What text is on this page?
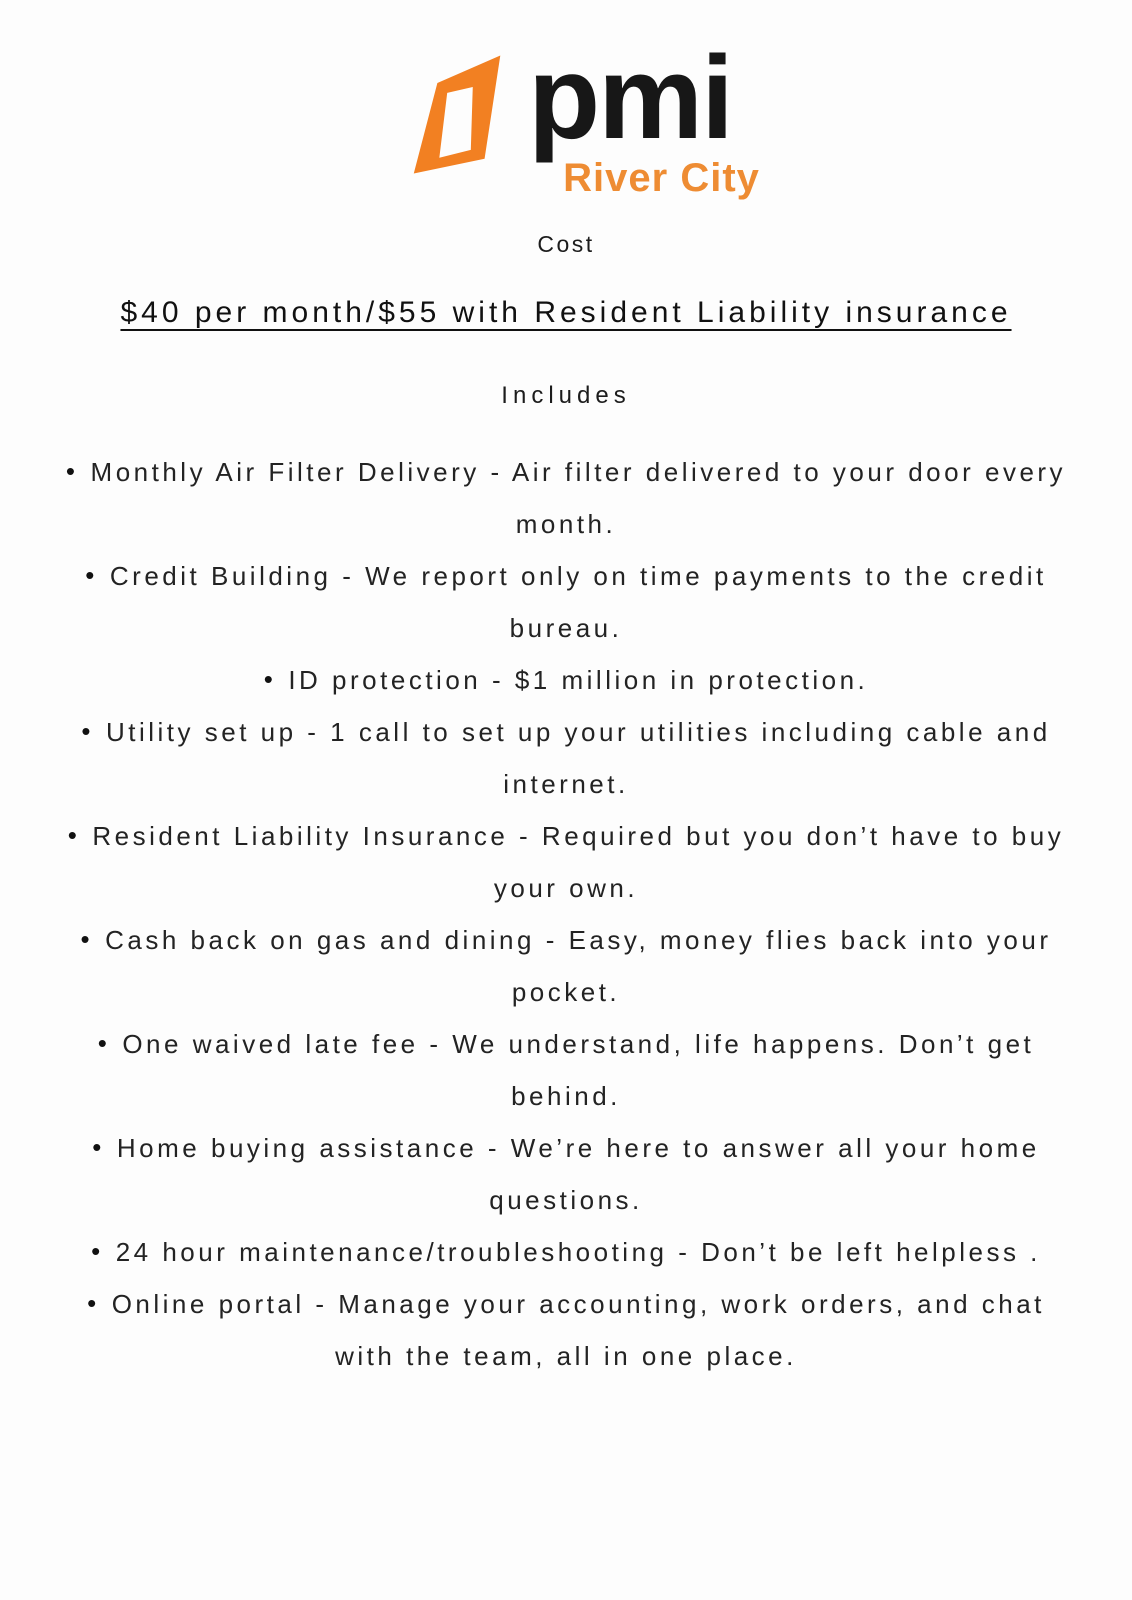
pmi
River City
Cost
$40 per month/$55 with Resident Liability insurance
Includes
• Monthly Air Filter Delivery - Air filter delivered to your door every month.
• Credit Building - We report only on time payments to the credit bureau.
• ID protection - $1 million in protection.
• Utility set up - 1 call to set up your utilities including cable and internet.
• Resident Liability Insurance - Required but you don’t have to buy your own.
• Cash back on gas and dining - Easy, money flies back into your pocket.
• One waived late fee - We understand, life happens. Don’t get behind.
• Home buying assistance - We’re here to answer all your home questions.
• 24 hour maintenance/troubleshooting - Don’t be left helpless .
• Online portal - Manage your accounting, work orders, and chat with the team, all in one place.
